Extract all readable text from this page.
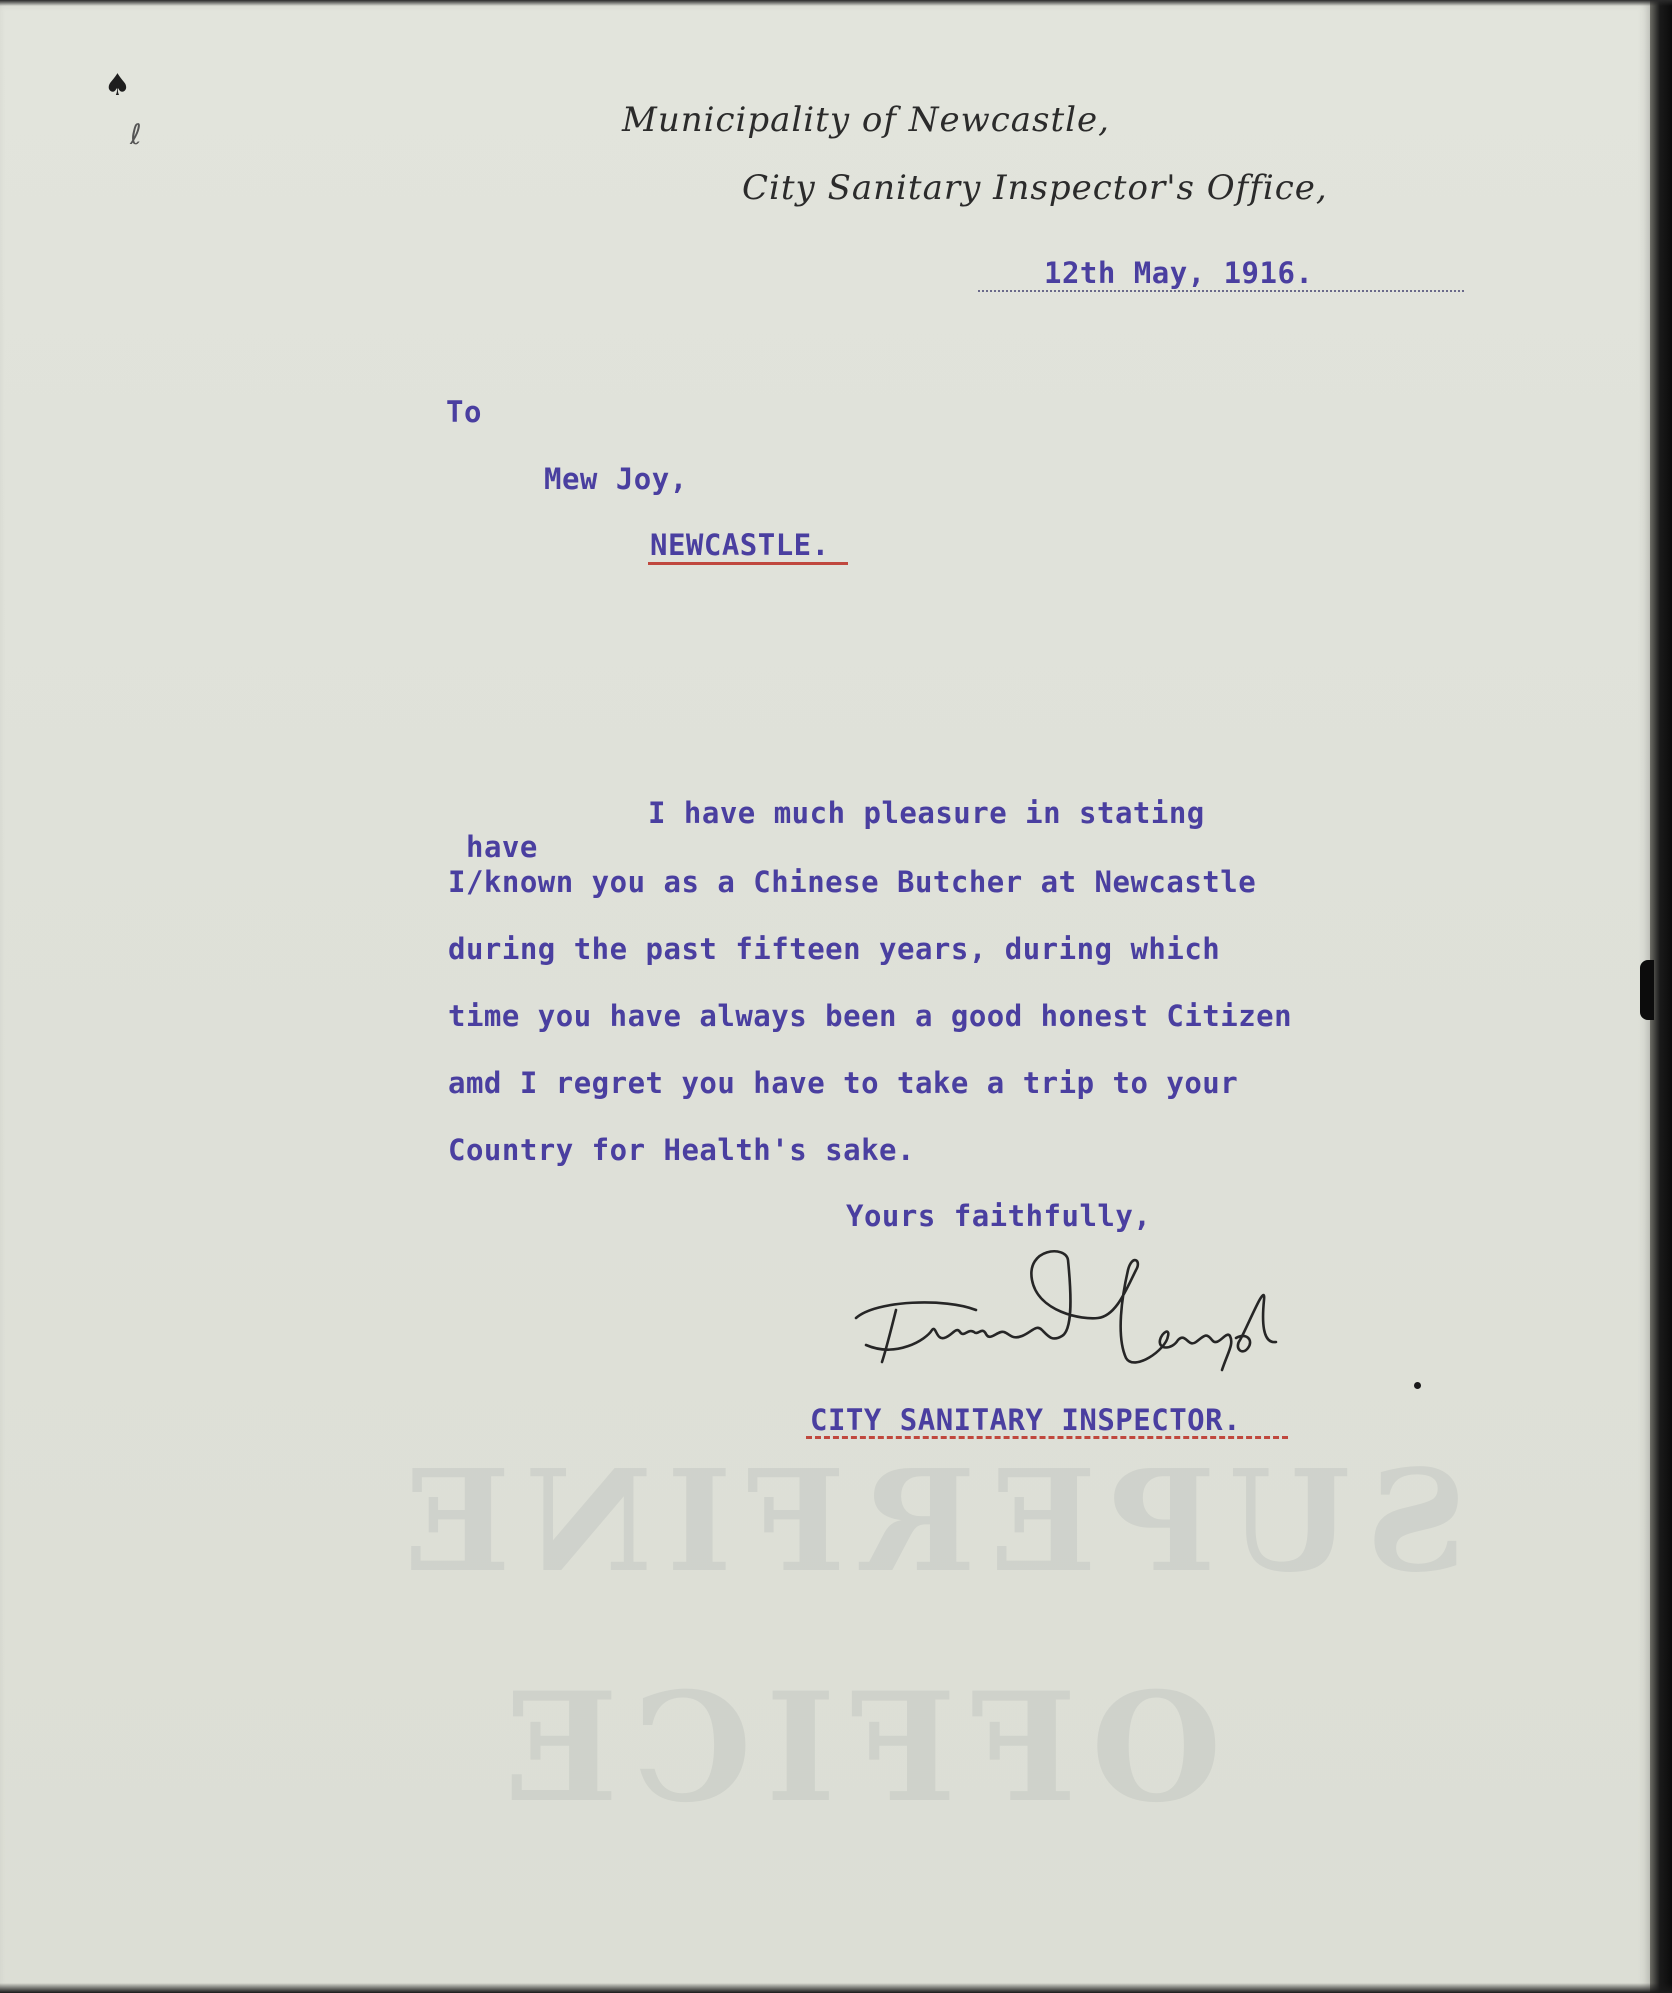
SUPERFINE
OFFICE
♠
ℓ	Municipality of Newcastle,
City Sanitary Inspector's Office,
12th May, 1916.
To
Mew Joy,
NEWCASTLE.
I have much pleasure in stating
have
I/known you as a Chinese Butcher at Newcastle
during the past fifteen years, during which
time you have always been a good honest Citizen
amd I regret you have to take a trip to your
Country for Health's sake.
Yours faithfully,
CITY SANITARY INSPECTOR.
